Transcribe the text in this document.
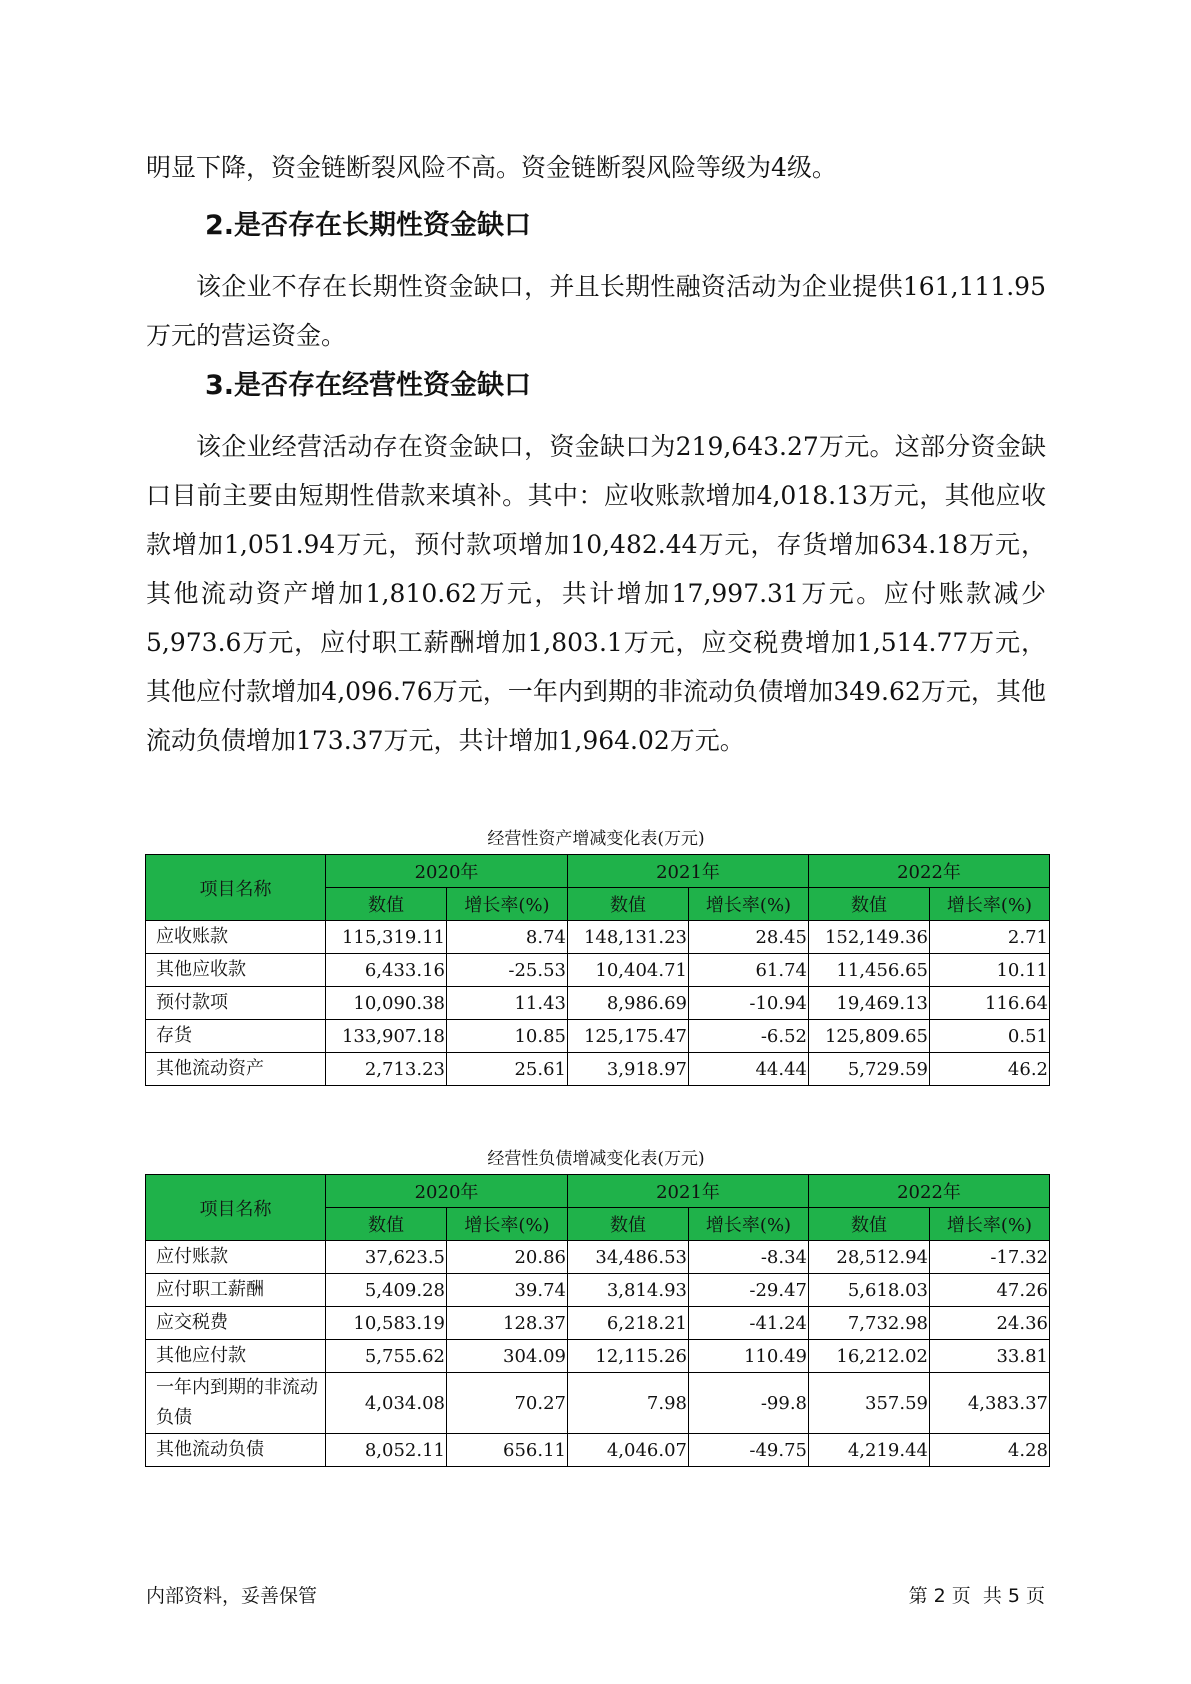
明显下降，资金链断裂风险不高。资金链断裂风险等级为4级。

2.是否存在长期性资金缺口

该企业不存在长期性资金缺口，并且长期性融资活动为企业提供161,111.95万元的营运资金。

3.是否存在经营性资金缺口

该企业经营活动存在资金缺口，资金缺口为219,643.27万元。这部分资金缺口目前主要由短期性借款来填补。其中：应收账款增加4,018.13万元，其他应收款增加1,051.94万元，预付款项增加10,482.44万元，存货增加634.18万元，其他流动资产增加1,810.62万元，共计增加17,997.31万元。应付账款减少5,973.6万元，应付职工薪酬增加1,803.1万元，应交税费增加1,514.77万元，其他应付款增加4,096.76万元，一年内到期的非流动负债增加349.62万元，其他流动负债增加173.37万元，共计增加1,964.02万元。

经营性资产增减变化表(万元)
项目名称	2020年		2021年		2022年	
	数值	增长率(%)	数值	增长率(%)	数值	增长率(%)
应收账款	115,319.11	8.74	148,131.23	28.45	152,149.36	2.71
其他应收款	6,433.16	-25.53	10,404.71	61.74	11,456.65	10.11
预付款项	10,090.38	11.43	8,986.69	-10.94	19,469.13	116.64
存货	133,907.18	10.85	125,175.47	-6.52	125,809.65	0.51
其他流动资产	2,713.23	25.61	3,918.97	44.44	5,729.59	46.2
经营性负债增减变化表(万元)
项目名称	2020年		2021年		2022年	
	数值	增长率(%)	数值	增长率(%)	数值	增长率(%)
应付账款	37,623.5	20.86	34,486.53	-8.34	28,512.94	-17.32
应付职工薪酬	5,409.28	39.74	3,814.93	-29.47	5,618.03	47.26
应交税费	10,583.19	128.37	6,218.21	-41.24	7,732.98	24.36
其他应付款	5,755.62	304.09	12,115.26	110.49	16,212.02	33.81
一年内到期的非流动负债	4,034.08	70.27	7.98	-99.8	357.59	4,383.37
其他流动负债	8,052.11	656.11	4,046.07	-49.75	4,219.44	4.28
内部资料，妥善保管	第 2 页  共 5 页
